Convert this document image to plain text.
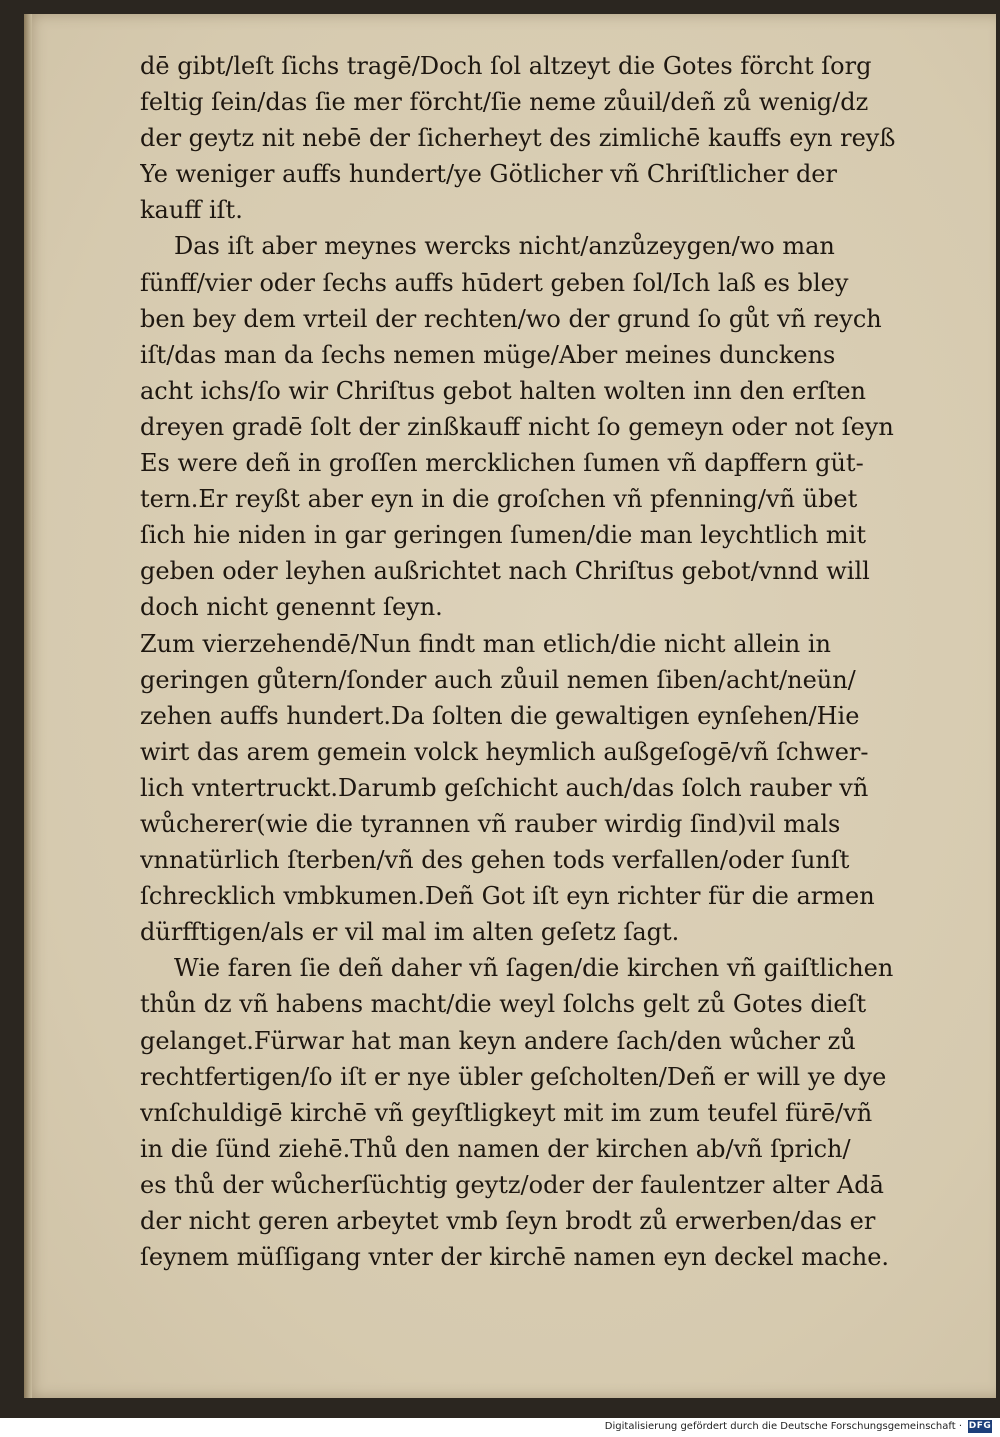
dē gibt/leſt ſichs tragē/Doch ſol altzeyt die Gotes förcht ſorg
feltig ſein/das ſie mer förcht/ſie neme zůuil/deñ zů wenig/dz
der geytz nit nebē der ſicherheyt des zimlichē kauffs eyn reyß
Ye weniger auffs hundert/ye Götlicher vñ Chriſtlicher der
kauff iſt.
Das iſt aber meynes wercks nicht/anzůzeygen/wo man
fünff/vier oder ſechs auffs hūdert geben ſol/Ich laß es bley
ben bey dem vrteil der rechten/wo der grund ſo gůt vñ reych
iſt/das man da ſechs nemen müge/Aber meines dunckens
acht ichs/ſo wir Chriſtus gebot halten wolten inn den erſten
dreyen gradē ſolt der zinßkauff nicht ſo gemeyn oder not ſeyn
Es were deñ in groſſen mercklichen ſumen vñ dapffern güt-
tern.Er reyßt aber eyn in die groſchen vñ pfenning/vñ übet
ſich hie niden in gar geringen ſumen/die man leychtlich mit
geben oder leyhen außrichtet nach Chriſtus gebot/vnnd will
doch nicht genennt ſeyn.
Zum vierzehendē/Nun findt man etlich/die nicht allein in
geringen gůtern/ſonder auch zůuil nemen ſiben/acht/neün/
zehen auffs hundert.Da ſolten die gewaltigen eynſehen/Hie
wirt das arem gemein volck heymlich außgeſogē/vñ ſchwer-
lich vntertruckt.Darumb geſchicht auch/das ſolch rauber vñ
wůcherer(wie die tyrannen vñ rauber wirdig ſind)vil mals
vnnatürlich ſterben/vñ des gehen tods verfallen/oder ſunſt
ſchrecklich vmbkumen.Deñ Got iſt eyn richter für die armen
dürfftigen/als er vil mal im alten geſetz ſagt.
Wie faren ſie deñ daher vñ ſagen/die kirchen vñ gaiſtlichen
thůn dz vñ habens macht/die weyl ſolchs gelt zů Gotes dieſt
gelanget.Fürwar hat man keyn andere ſach/den wůcher zů
rechtfertigen/ſo iſt er nye übler geſcholten/Deñ er will ye dye
vnſchuldigē kirchē vñ geyſtligkeyt mit im zum teufel fürē/vñ
in die ſünd ziehē.Thů den namen der kirchen ab/vñ ſprich/
es thů der wůcherſüchtig geytz/oder der faulentzer alter Adā
der nicht geren arbeytet vmb ſeyn brodt zů erwerben/das er
ſeynem müſſigang vnter der kirchē namen eyn deckel mache.
Digitalisierung gefördert durch die Deutsche Forschungsgemeinschaft · DFG
